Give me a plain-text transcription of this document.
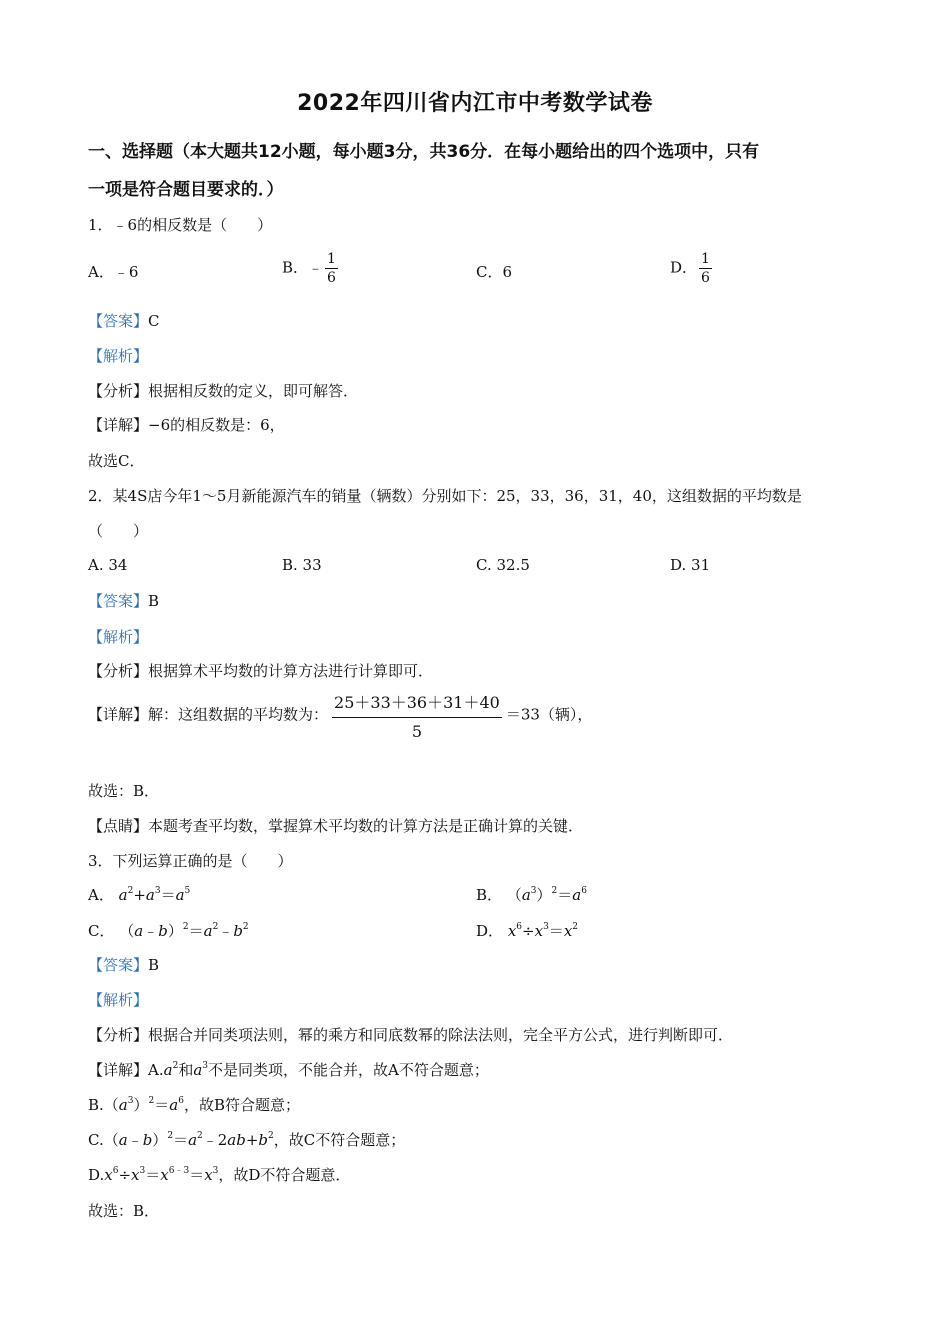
2022年四川省内江市中考数学试卷
一、选择题（本大题共12小题，每小题3分，共36分．在每小题给出的四个选项中，只有
一项是符合题目要求的．）
1．﹣6的相反数是（　　）
A．﹣6	B．﹣ $\frac{1}{6}$	C．6	D． $\frac{1}{6}$
【答案】C
【解析】
【分析】根据相反数的定义，即可解答．
【详解】−6的相反数是：6，
故选C．
2．某4S店今年1～5月新能源汽车的销量（辆数）分别如下：25，33，36，31，40，这组数据的平均数是
（　　）
A. 34	B. 33	C. 32.5	D. 31
【答案】B
【解析】
【分析】根据算术平均数的计算方法进行计算即可．
【详解】解：这组数据的平均数为： $\frac{25+33+36+31+40}{5} =33$（辆），
故选：B．
【点睛】本题考查平均数，掌握算术平均数的计算方法是正确计算的关键．
3．下列运算正确的是（　　）
A． $a^2+a^3=a^5$	B． $(a^3)^2=a^6$
C． $(a﹣b)^2=a^2﹣b^2$	D． $x^6\div x^3=x^2$
【答案】B
【解析】
【分析】根据合并同类项法则，幂的乘方和同底数幂的除法法则，完全平方公式，进行判断即可．
【详解】$A.a^2$和$a^3$不是同类项，不能合并，故A不符合题意；
$B.(a^3)^2=a^6$，故B符合题意；
$C.(a﹣b)^2=a^2﹣2ab+b^2$，故C不符合题意；
$D.x^6\div x^3=x^{6﹣3}=x^3$，故D不符合题意．
故选：B．
